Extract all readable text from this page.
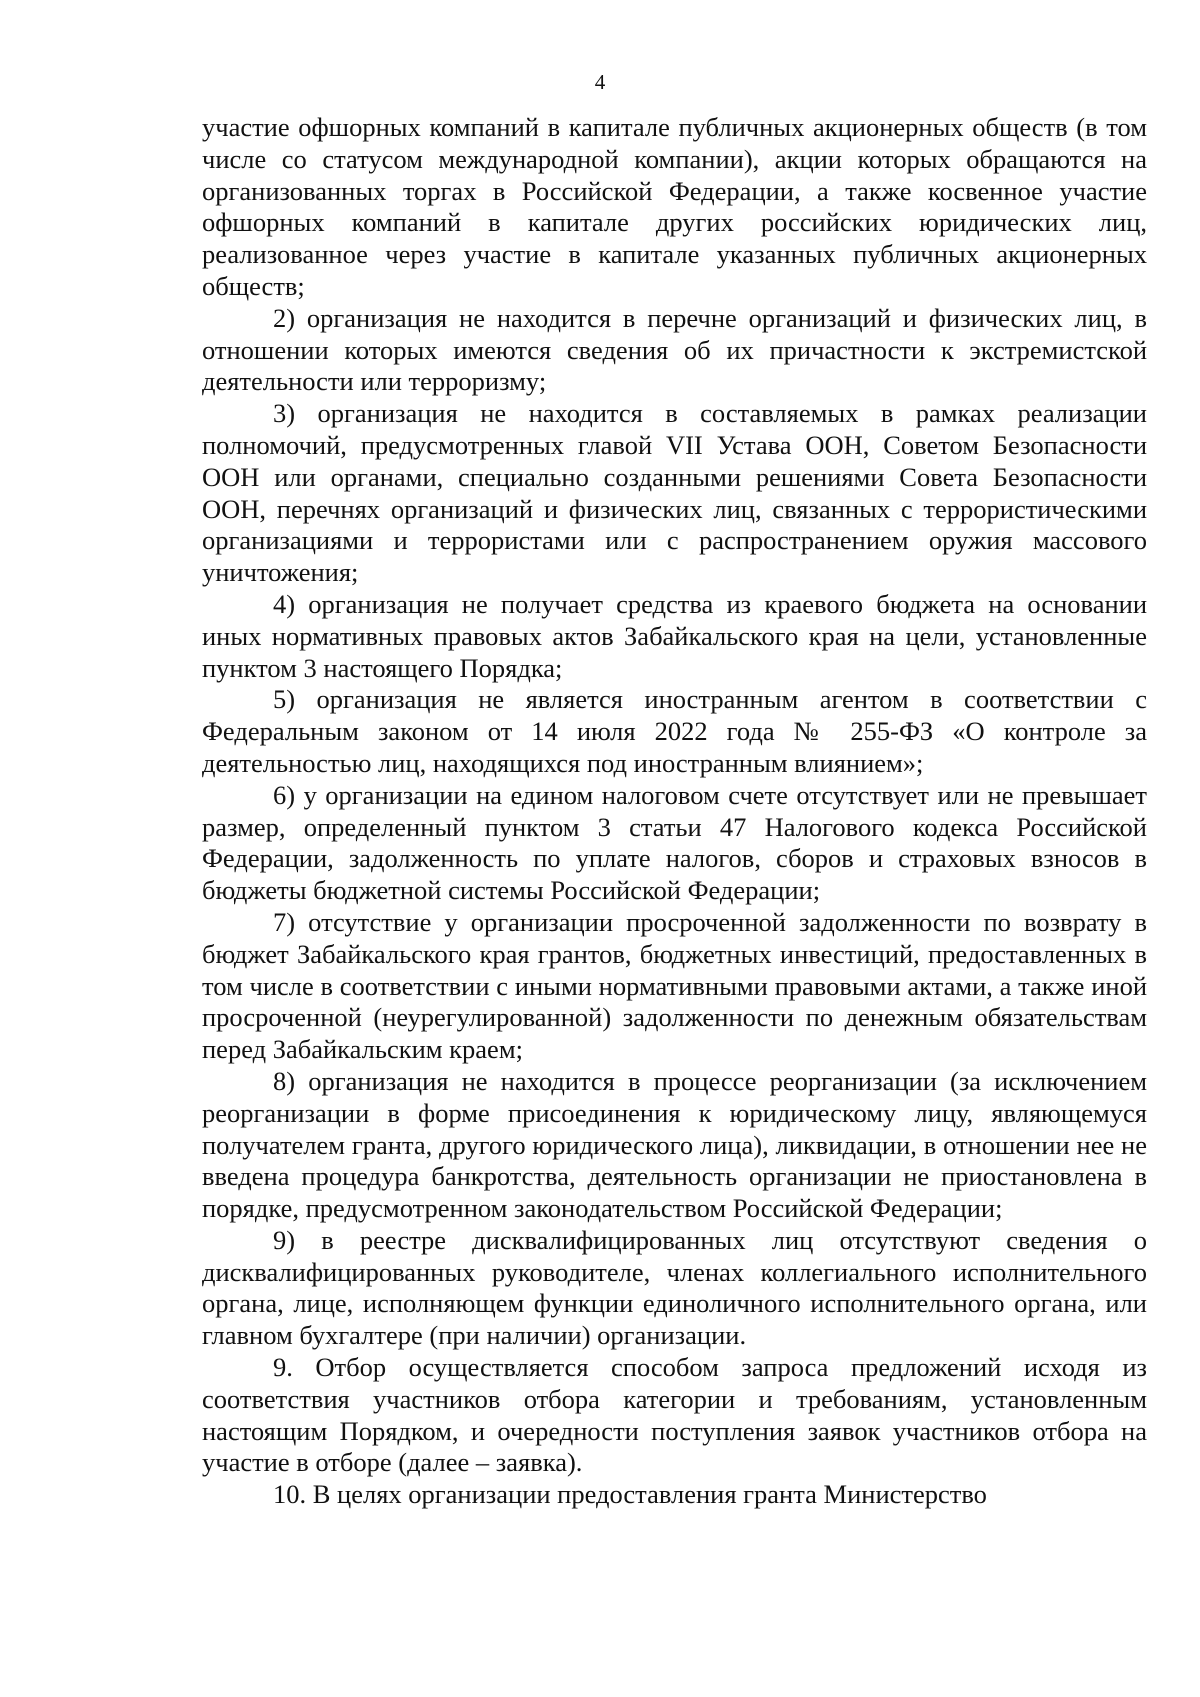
4

участие офшорных компаний в капитале публичных акционерных обществ (в том числе со статусом международной компании), акции которых обращаются на организованных торгах в Российской Федерации, а также косвенное участие офшорных компаний в капитале других российских юридических лиц, реализованное через участие в капитале указанных публичных акционерных обществ;

2) организация не находится в перечне организаций и физических лиц, в отношении которых имеются сведения об их причастности к экстремистской деятельности или терроризму;

3) организация не находится в составляемых в рамках реализации полномочий, предусмотренных главой VII Устава ООН, Советом Безопасности ООН или органами, специально созданными решениями Совета Безопасности ООН, перечнях организаций и физических лиц, связанных с террористическими организациями и террористами или с распространением оружия массового уничтожения;

4) организация не получает средства из краевого бюджета на основании иных нормативных правовых актов Забайкальского края на цели, установленные пунктом 3 настоящего Порядка;

5) организация не является иностранным агентом в соответствии с Федеральным законом от 14 июля 2022 года № 255-ФЗ «О контроле за деятельностью лиц, находящихся под иностранным влиянием»;

6) у организации на едином налоговом счете отсутствует или не превышает размер, определенный пунктом 3 статьи 47 Налогового кодекса Российской Федерации, задолженность по уплате налогов, сборов и страховых взносов в бюджеты бюджетной системы Российской Федерации;

7) отсутствие у организации просроченной задолженности по возврату в бюджет Забайкальского края грантов, бюджетных инвестиций, предоставленных в том числе в соответствии с иными нормативными правовыми актами, а также иной просроченной (неурегулированной) задолженности по денежным обязательствам перед Забайкальским краем;

8) организация не находится в процессе реорганизации (за исключением реорганизации в форме присоединения к юридическому лицу, являющемуся получателем гранта, другого юридического лица), ликвидации, в отношении нее не введена процедура банкротства, деятельность организации не приостановлена в порядке, предусмотренном законодательством Российской Федерации;

9) в реестре дисквалифицированных лиц отсутствуют сведения о дисквалифицированных руководителе, членах коллегиального исполнительного органа, лице, исполняющем функции единоличного исполнительного органа, или главном бухгалтере (при наличии) организации.

9. Отбор осуществляется способом запроса предложений исходя из соответствия участников отбора категории и требованиям, установленным настоящим Порядком, и очередности поступления заявок участников отбора на участие в отборе (далее – заявка).

10. В целях организации предоставления гранта Министерство
